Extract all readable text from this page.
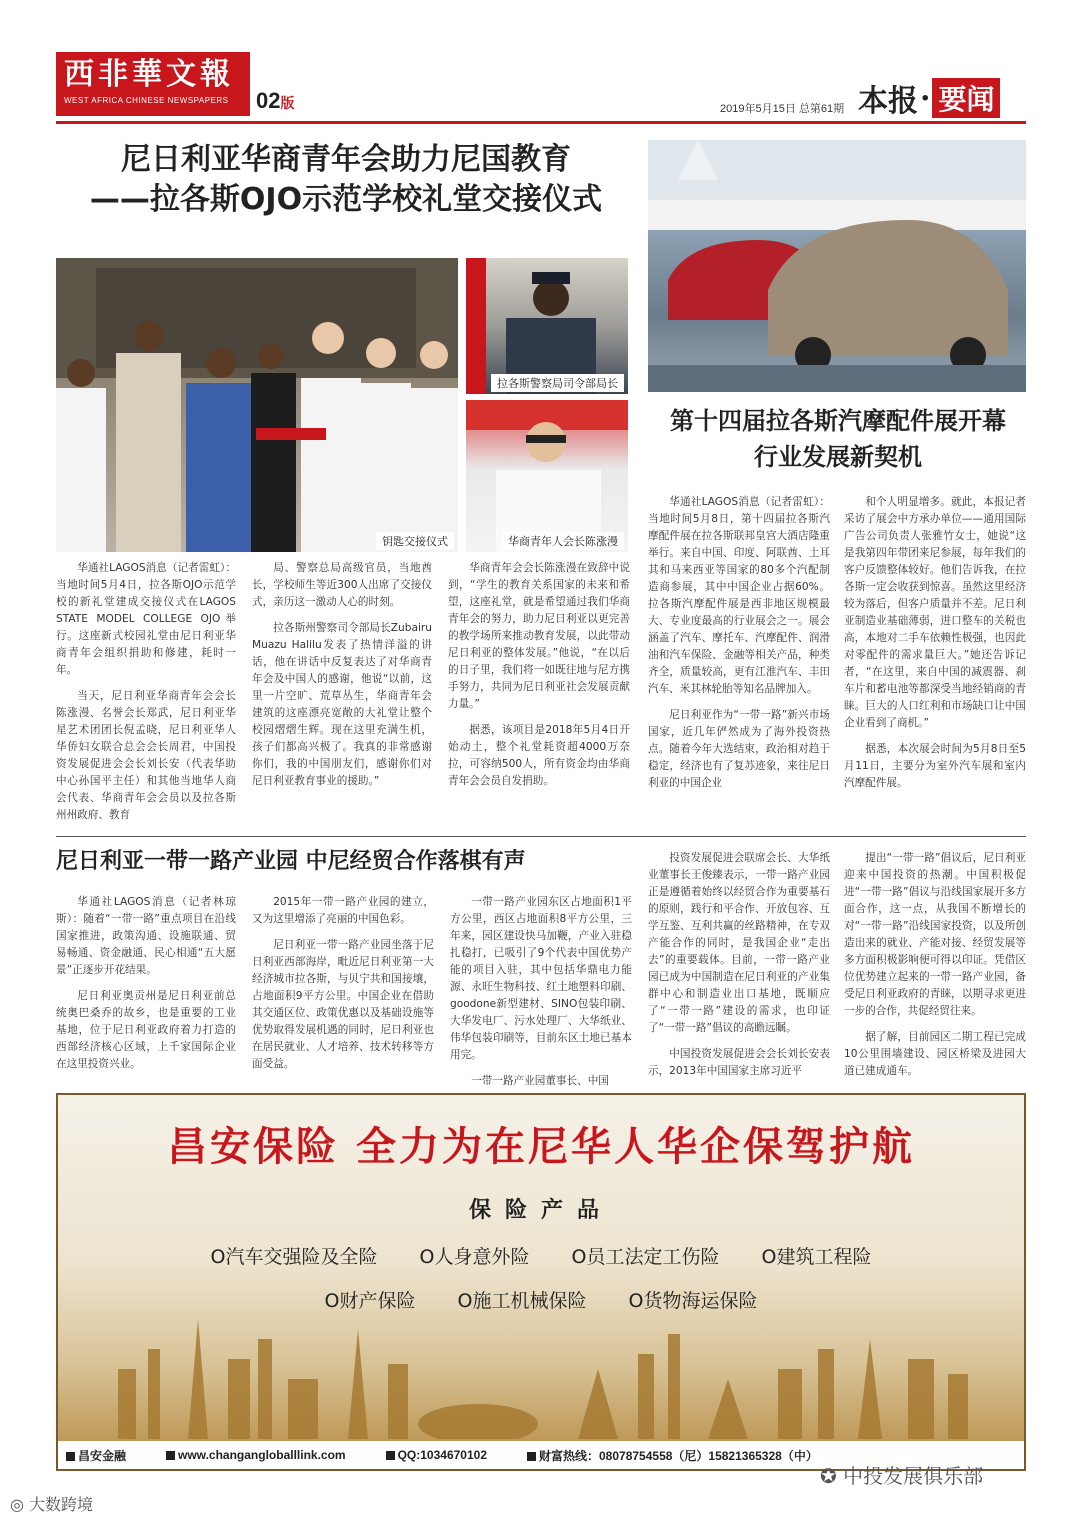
西非華文報
WEST AFRICA CHINESE NEWSPAPERS	02版	2019年5月15日 总第61期 本报 · 要闻
尼日利亚华商青年会助力尼国教育
——拉各斯OJO示范学校礼堂交接仪式
钥匙交接仪式
拉各斯警察局司令部局长
华商青年人会长陈涨漫
第十四届拉各斯汽摩配件展开幕
行业发展新契机

华通社LAGOS消息（记者雷虹）：当地时间5月4日，拉各斯OJO示范学校的新礼堂建成交接仪式在LAGOS STATE MODEL COLLEGE OJO举行。这座新式校园礼堂由尼日利亚华商青年会组织捐助和修建，耗时一年。

当天，尼日利亚华商青年会会长陈涨漫、名誉会长郑武，尼日利亚华星艺术团团长倪孟晓，尼日利亚华人华侨妇女联合总会会长周君，中国投资发展促进会会长刘长安（代表华助中心孙国平主任）和其他当地华人商会代表、华商青年会会员以及拉各斯州州政府、教育

局、警察总局高级官员，当地酋长，学校师生等近300人出席了交接仪式，亲历这一激动人心的时刻。

拉各斯州警察司令部局长Zubairu Muazu Halilu发表了热情洋溢的讲话，他在讲话中反复表达了对华商青年会及中国人的感谢，他说“以前，这里一片空旷、荒草丛生，华商青年会建筑的这座漂亮宽敞的大礼堂让整个校园熠熠生辉。现在这里充满生机，孩子们都高兴极了。我真的非常感谢你们，我的中国朋友们，感谢你们对尼日利亚教育事业的援助。”

华商青年会会长陈涨漫在致辞中说到，“学生的教育关系国家的未来和希望，这座礼堂，就是希望通过我们华商青年会的努力，助力尼日利亚以更完善的教学场所来推动教育发展，以此带动尼日利亚的整体发展。”他说，“在以后的日子里，我们将一如既往地与尼方携手努力，共同为尼日利亚社会发展贡献力量。”

据悉，该项目是2018年5月4日开始动土，整个礼堂耗资超4000万奈拉，可容纳500人，所有资金均由华商青年会会员自发捐助。

华通社LAGOS消息（记者雷虹）：当地时间5月8日，第十四届拉各斯汽摩配件展在拉各斯联邦皇宫大酒店隆重举行。来自中国、印度、阿联酋、土耳其和马来西亚等国家的80多个汽配制造商参展，其中中国企业占据60%。拉各斯汽摩配件展是西非地区规模最大、专业度最高的行业展会之一。展会涵盖了汽车、摩托车、汽摩配件、润滑油和汽车保险、金融等相关产品，种类齐全，质量较高，更有江淮汽车、丰田汽车、米其林轮胎等知名品牌加入。

尼日利亚作为“一带一路”新兴市场国家，近几年俨然成为了海外投资热点。随着今年大选结束，政治相对趋于稳定，经济也有了复苏迹象，来往尼日利亚的中国企业

和个人明显增多。就此，本报记者采访了展会中方承办单位——通用国际广告公司负责人张雅竹女士，她说“这是我第四年带团来尼参展，每年我们的客户反馈整体较好。他们告诉我，在拉各斯一定会收获到惊喜。虽然这里经济较为落后，但客户质量并不差。尼日利亚制造业基础薄弱，进口整车的关税也高，本地对二手车依赖性极强，也因此对零配件的需求量巨大。”她还告诉记者，“在这里，来自中国的减震器、刹车片和蓄电池等都深受当地经销商的青睐。巨大的人口红利和市场缺口让中国企业看到了商机。”

据悉，本次展会时间为5月8日至5月11日，主要分为室外汽车展和室内汽摩配件展。

尼日利亚一带一路产业园 中尼经贸合作落棋有声

华通社LAGOS消息（记者林琼斯）：随着“一带一路”重点项目在沿线国家推进，政策沟通、设施联通、贸易畅通、资金融通、民心相通“五大愿景”正逐步开花结果。

尼日利亚奥贡州是尼日利亚前总统奥巴桑乔的故乡，也是重要的工业基地，位于尼日利亚政府着力打造的西部经济核心区域，上千家国际企业在这里投资兴业。

2015年一带一路产业园的建立，又为这里增添了亮丽的中国色彩。

尼日利亚一带一路产业园坐落于尼日利亚西部海岸，毗近尼日利亚第一大经济城市拉各斯，与贝宁共和国接壤，占地面积9平方公里。中国企业在借助其交通区位、政策优惠以及基础设施等优势取得发展机遇的同时，尼日利亚也在居民就业、人才培养、技术转移等方面受益。

一带一路产业园东区占地面积1平方公里，西区占地面积8平方公里，三年来，园区建设快马加鞭，产业入驻稳扎稳打，已吸引了9个代表中国优势产能的项目入驻，其中包括华鼎电力能源、永旺生物科技、红土地塑料印刷、goodone新型建材、SINO包装印刷、大华发电厂、污水处理厂、大华纸业、伟华包装印刷等，目前东区土地已基本用完。

一带一路产业园董事长、中国

投资发展促进会联席会长、大华纸业董事长王俊臻表示，一带一路产业园正是遵循着始终以经贸合作为重要基石的原则，践行和平合作、开放包容、互学互鉴、互利共赢的丝路精神，在专双产能合作的同时，是我国企业“走出去”的重要载体。目前，一带一路产业园已成为中国制造在尼日利亚的产业集群中心和制造业出口基地，既顺应了“一带一路”建设的需求，也印证了“一带一路”倡议的高瞻远瞩。

中国投资发展促进会会长刘长安表示，2013年中国国家主席习近平

提出“一带一路”倡议后，尼日利亚迎来中国投资的热潮。中国积极促进“一带一路”倡议与沿线国家展开多方面合作，这一点，从我国不断增长的对“一带一路”沿线国家投资，以及所创造出来的就业、产能对接、经贸发展等多方面积极影响便可得以印证。凭借区位优势建立起来的一带一路产业园，备受尼日利亚政府的青睐，以期寻求更进一步的合作，共促经贸往来。

据了解，目前园区二期工程已完成10公里围墙建设、园区桥梁及进园大道已建成通车。

昌安保险 全力为在尼华人华企保驾护航
保险产品
O汽车交强险及全险 O人身意外险 O员工法定工伤险 O建筑工程险
O财产保险 O施工机械保险 O货物海运保险
昌安金融	www.changangloballlink.com	QQ:1034670102	财富热线：08078754558（尼）15821365328（中）
◎ 大数跨境
✪ 中投发展俱乐部
